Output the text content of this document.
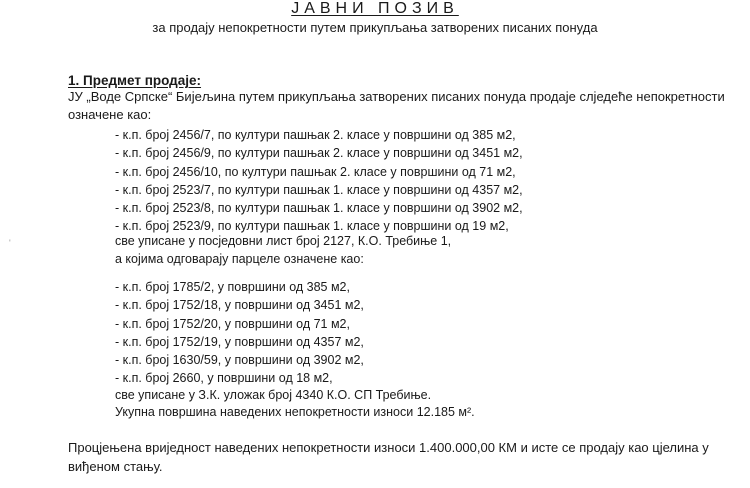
ЈАВНИ ПОЗИВ
за продају непокретности путем прикупљања затворених писаних понуда
1. Предмет продаје:
ЈУ „Воде Српске“ Бијељина путем прикупљања затворених писаних понуда продаје слједеће непокретности
означене као:
- к.п. број 2456/7, по култури пашњак 2. класе у површини од 385 м2,
- к.п. број 2456/9, по култури пашњак 2. класе у површини од 3451 м2,
- к.п. број 2456/10, по култури пашњак 2. класе у површини од 71 м2,
- к.п. број 2523/7, по култури пашњак 1. класе у површини од 4357 м2,
- к.п. број 2523/8, по култури пашњак 1. класе у површини од 3902 м2,
- к.п. број 2523/9, по култури пашњак 1. класе у површини од 19 м2,
све уписане у посједовни лист број 2127, К.О. Требиње 1,
а којима одговарају парцеле означене као:
- к.п. број 1785/2, у површини од 385 м2,
- к.п. број 1752/18, у површини од 3451 м2,
- к.п. број 1752/20, у површини од 71 м2,
- к.п. број 1752/19, у површини од 4357 м2,
- к.п. број 1630/59, у површини од 3902 м2,
- к.п. број 2660, у површини од 18 м2,
све уписане у З.К. уложак број 4340 К.О. СП Требиње.
Укупна површина наведених непокретности износи 12.185 м².
Процјењена вриједност наведених непокретности износи 1.400.000,00 КМ и исте се продају као цјелина у
виђеном стању.
'
